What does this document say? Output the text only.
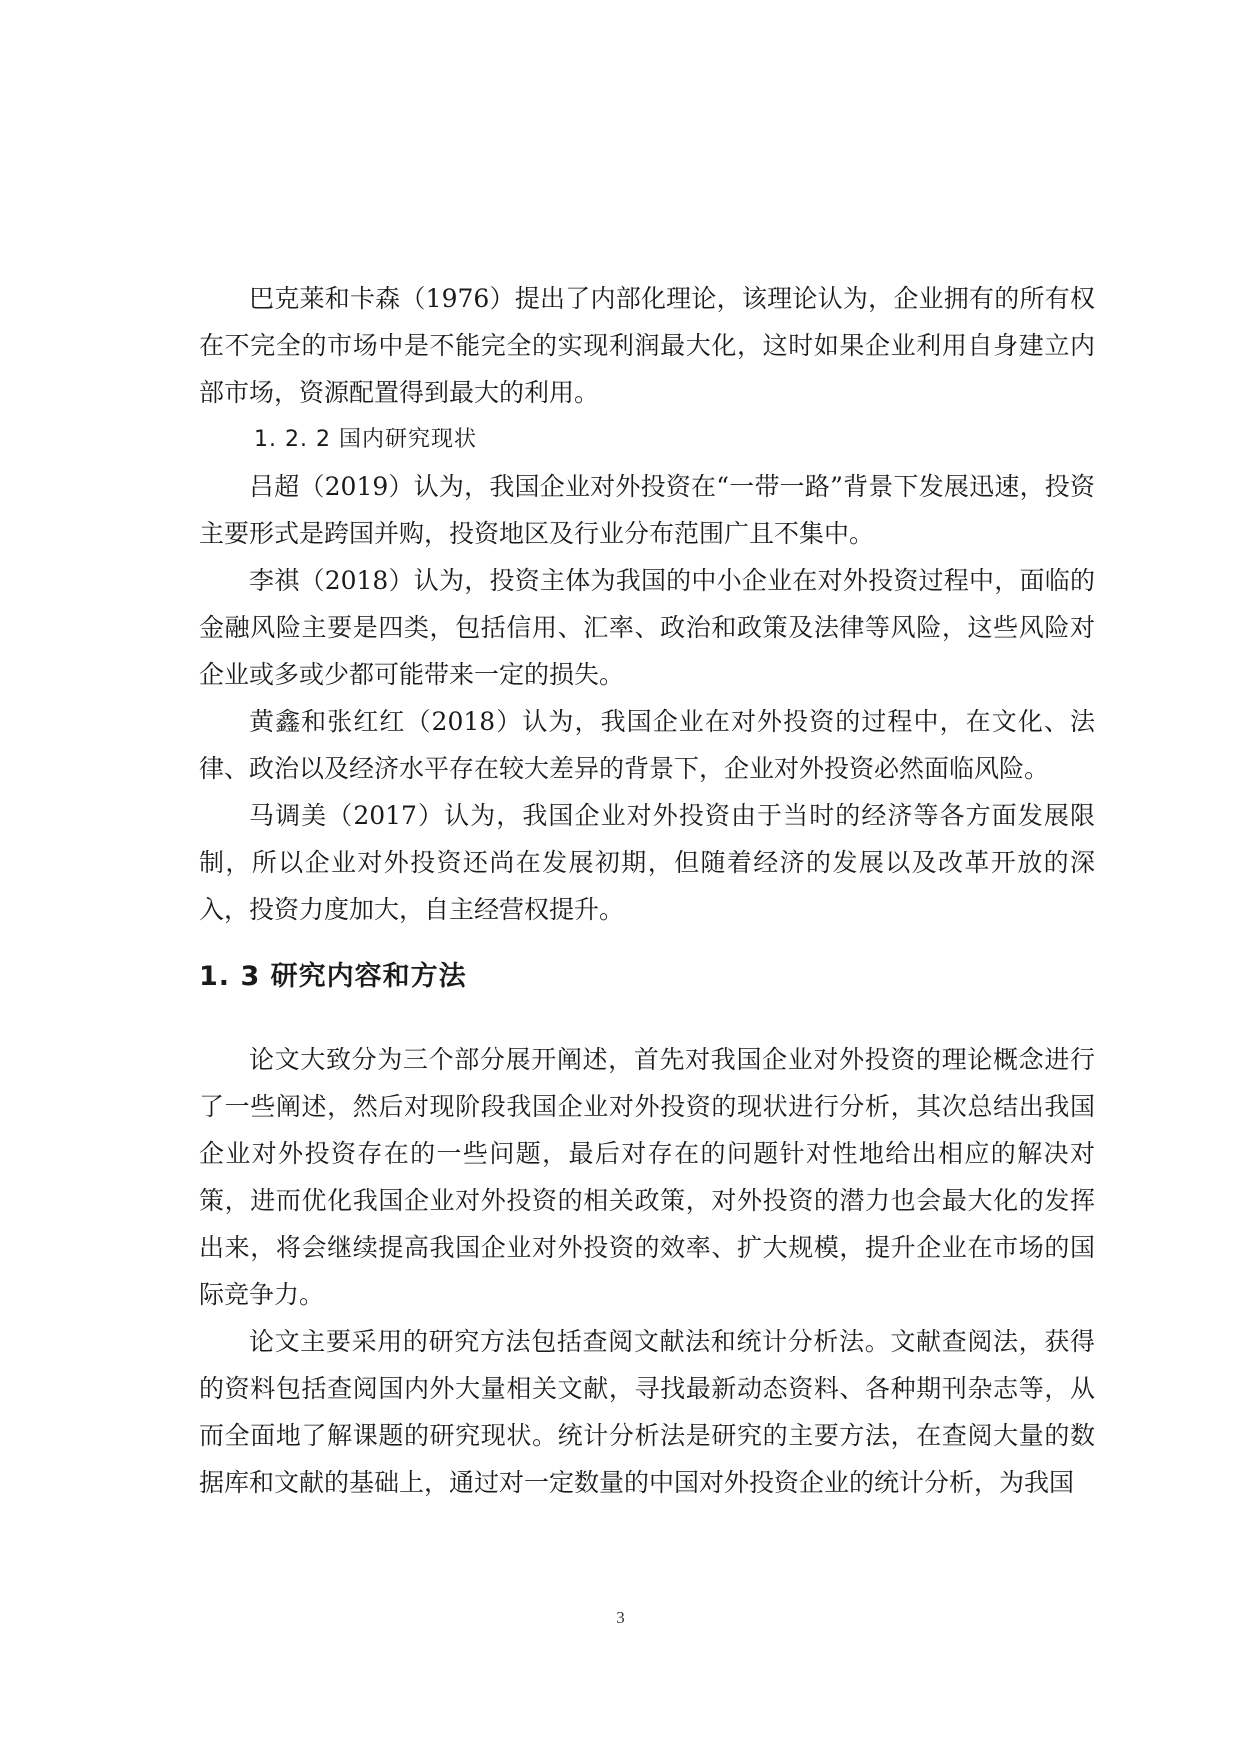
巴克莱和卡森（1976）提出了内部化理论，该理论认为，企业拥有的所有权在不完全的市场中是不能完全的实现利润最大化，这时如果企业利用自身建立内部市场，资源配置得到最大的利用。

1. 2. 2 国内研究现状

吕超（2019）认为，我国企业对外投资在“一带一路”背景下发展迅速，投资主要形式是跨国并购，投资地区及行业分布范围广且不集中。

李祺（2018）认为，投资主体为我国的中小企业在对外投资过程中，面临的金融风险主要是四类，包括信用、汇率、政治和政策及法律等风险，这些风险对企业或多或少都可能带来一定的损失。

黄鑫和张红红（2018）认为，我国企业在对外投资的过程中，在文化、法律、政治以及经济水平存在较大差异的背景下，企业对外投资必然面临风险。

马调美（2017）认为，我国企业对外投资由于当时的经济等各方面发展限制，所以企业对外投资还尚在发展初期，但随着经济的发展以及改革开放的深入，投资力度加大，自主经营权提升。

1. 3 研究内容和方法

论文大致分为三个部分展开阐述，首先对我国企业对外投资的理论概念进行了一些阐述，然后对现阶段我国企业对外投资的现状进行分析，其次总结出我国企业对外投资存在的一些问题，最后对存在的问题针对性地给出相应的解决对策，进而优化我国企业对外投资的相关政策，对外投资的潜力也会最大化的发挥出来，将会继续提高我国企业对外投资的效率、扩大规模，提升企业在市场的国际竞争力。

论文主要采用的研究方法包括查阅文献法和统计分析法。文献查阅法，获得的资料包括查阅国内外大量相关文献，寻找最新动态资料、各种期刊杂志等，从而全面地了解课题的研究现状。统计分析法是研究的主要方法，在查阅大量的数据库和文献的基础上，通过对一定数量的中国对外投资企业的统计分析，为我国

3
